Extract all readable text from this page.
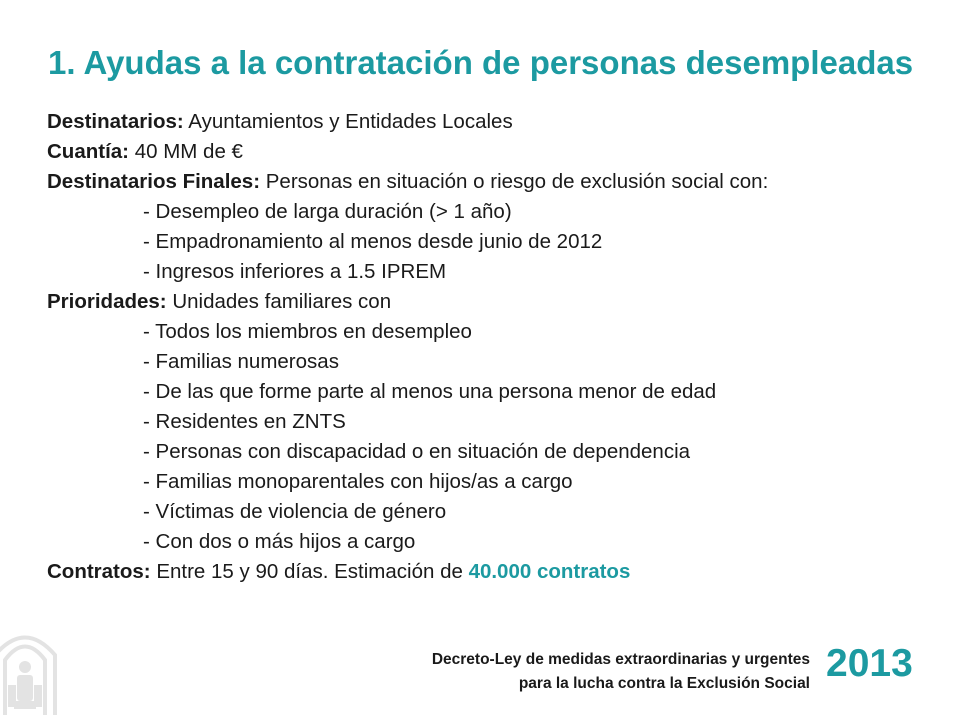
1. Ayudas a la contratación de personas desempleadas
Destinatarios: Ayuntamientos y Entidades Locales
Cuantía: 40 MM de €
Destinatarios Finales: Personas en situación o riesgo de exclusión social con:
- Desempleo de larga duración (> 1 año)
- Empadronamiento al menos desde junio de 2012
- Ingresos inferiores a 1.5 IPREM
Prioridades: Unidades familiares con
- Todos los miembros en desempleo
- Familias numerosas
- De las que forme parte al menos una persona menor de edad
- Residentes en ZNTS
- Personas con discapacidad o en situación de dependencia
- Familias monoparentales con hijos/as a cargo
- Víctimas de violencia de género
- Con dos o más hijos a cargo
Contratos: Entre 15 y 90 días. Estimación de 40.000 contratos
Decreto-Ley de medidas extraordinarias y urgentes
para la lucha contra la Exclusión Social 2013
